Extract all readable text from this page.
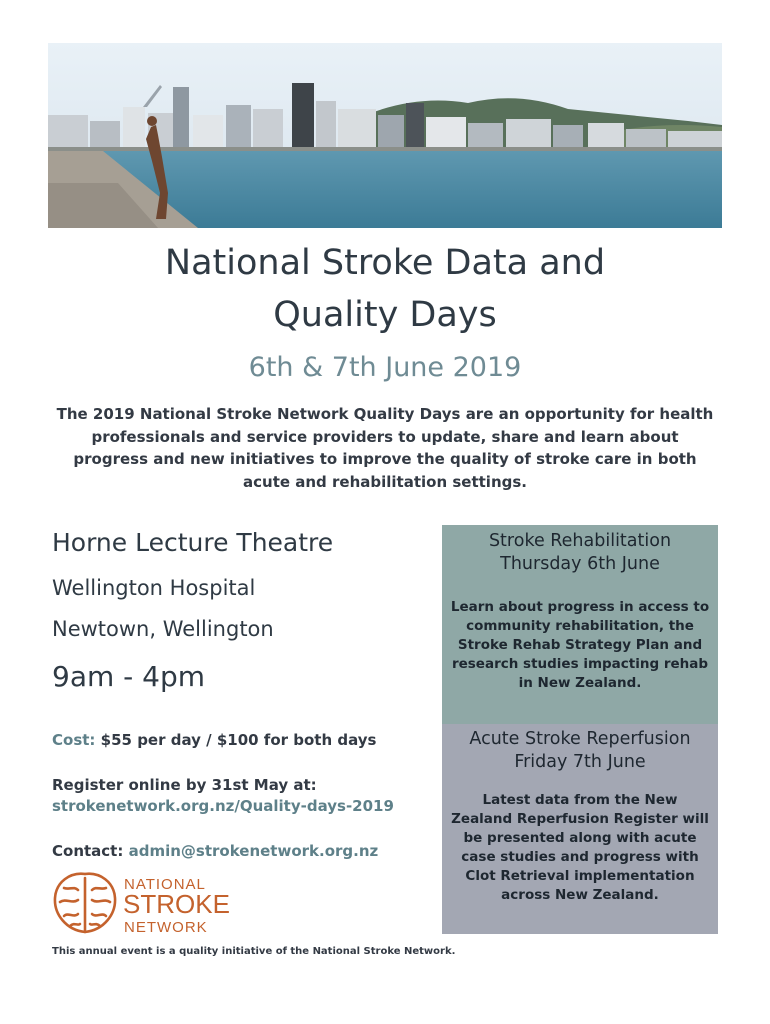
National Stroke Data and
Quality Days
6th & 7th June 2019
The 2019 National Stroke Network Quality Days are an opportunity for health professionals and service providers to update, share and learn about progress and new initiatives to improve the quality of stroke care in both acute and rehabilitation settings.
Horne Lecture Theatre
Wellington Hospital
Newtown, Wellington
9am - 4pm
Cost: $55 per day / $100 for both days
Register online by 31st May at:
strokenetwork.org.nz/Quality-days-2019
Contact: admin@strokenetwork.org.nz
NATIONAL
STROKE
NETWORK
This annual event is a quality initiative of the National Stroke Network.
Stroke Rehabilitation
Thursday 6th June
Learn about progress in access to community rehabilitation, the Stroke Rehab Strategy Plan and research studies impacting rehab in New Zealand.
Acute Stroke Reperfusion
Friday 7th June
Latest data from the New Zealand Reperfusion Register will be presented along with acute case studies and progress with Clot Retrieval implementation across New Zealand.
